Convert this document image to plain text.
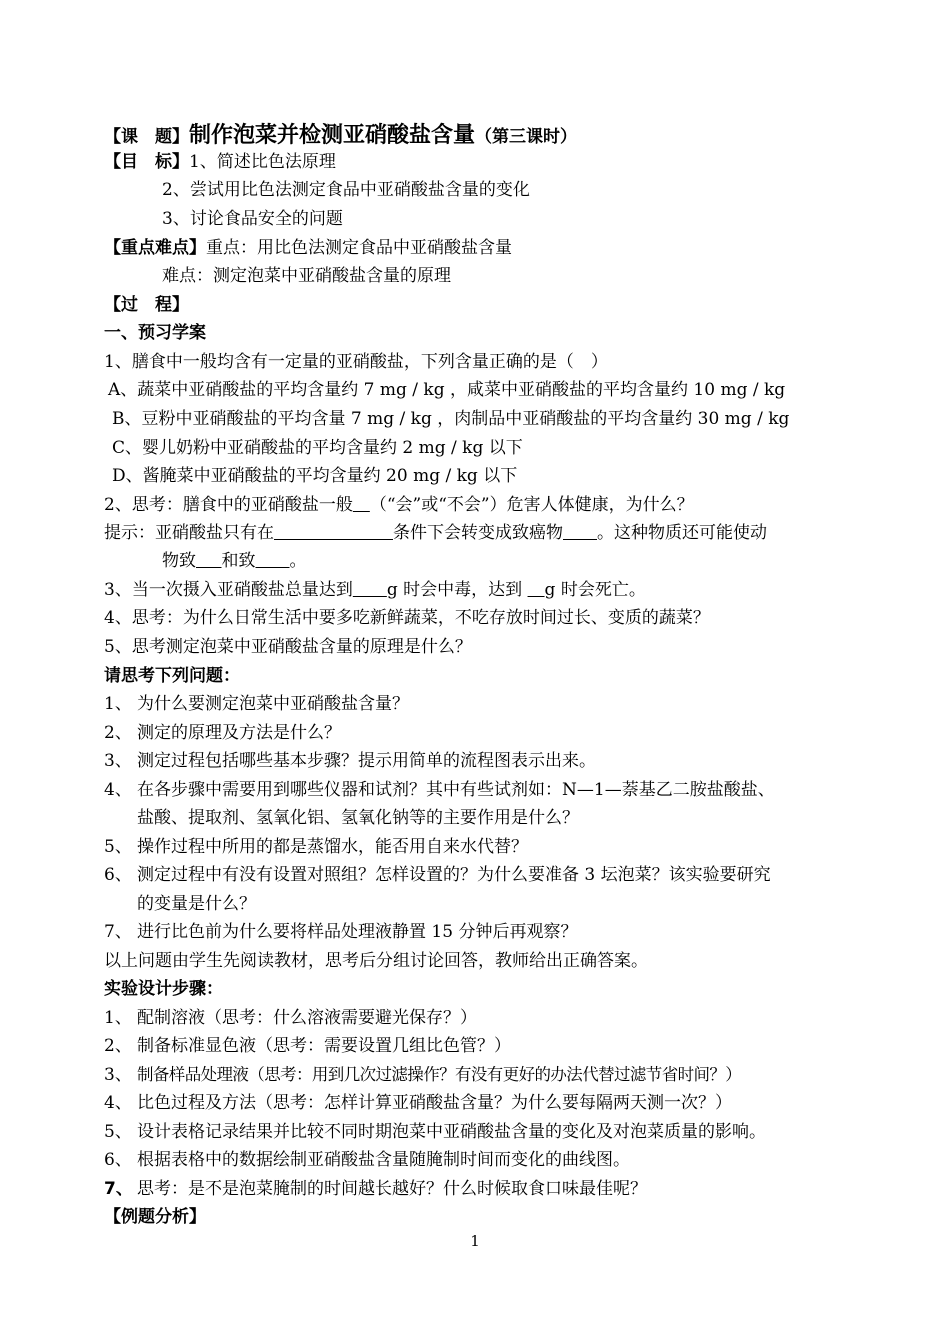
【课　题】制作泡菜并检测亚硝酸盐含量（第三课时）
【目　标】1、简述比色法原理
2、尝试用比色法测定食品中亚硝酸盐含量的变化
3、讨论食品安全的问题
【重点难点】重点：用比色法测定食品中亚硝酸盐含量
难点：测定泡菜中亚硝酸盐含量的原理
【过　程】
一、预习学案
1、膳食中一般均含有一定量的亚硝酸盐，下列含量正确的是（　）
A、蔬菜中亚硝酸盐的平均含量约 7 mg / kg ，咸菜中亚硝酸盐的平均含量约 10 mg / kg
B、豆粉中亚硝酸盐的平均含量 7 mg / kg ，肉制品中亚硝酸盐的平均含量约 30 mg / kg
C、婴儿奶粉中亚硝酸盐的平均含量约 2 mg / kg 以下
D、酱腌菜中亚硝酸盐的平均含量约 20 mg / kg 以下
2、思考：膳食中的亚硝酸盐一般   （“会”或“不会”）危害人体健康，为什么？
提示：亚硝酸盐只有在       	条件下会转变成致癌物   。这种物质还可能使动
物致    和致   。
3、当一次摄入亚硝酸盐总量达到   g 时会中毒，达到    g 时会死亡。
4、思考：为什么日常生活中要多吃新鲜蔬菜，不吃存放时间过长、变质的蔬菜？
5、思考测定泡菜中亚硝酸盐含量的原理是什么？
请思考下列问题：
1、 为什么要测定泡菜中亚硝酸盐含量？
2、 测定的原理及方法是什么？
3、 测定过程包括哪些基本步骤？提示用简单的流程图表示出来。
4、 在各步骤中需要用到哪些仪器和试剂？其中有些试剂如：N—1—萘基乙二胺盐酸盐、
盐酸、提取剂、氢氧化铝、氢氧化钠等的主要作用是什么？
5、 操作过程中所用的都是蒸馏水，能否用自来水代替？
6、 测定过程中有没有设置对照组？怎样设置的？为什么要准备 3 坛泡菜？该实验要研究
的变量是什么？
7、 进行比色前为什么要将样品处理液静置 15 分钟后再观察？
以上问题由学生先阅读教材，思考后分组讨论回答，教师给出正确答案。
实验设计步骤：
1、 配制溶液（思考：什么溶液需要避光保存？）
2、 制备标准显色液（思考：需要设置几组比色管？）
3、 制备样品处理液（思考：用到几次过滤操作？有没有更好的办法代替过滤节省时间？）
4、 比色过程及方法（思考：怎样计算亚硝酸盐含量？为什么要每隔两天测一次？）
5、 设计表格记录结果并比较不同时期泡菜中亚硝酸盐含量的变化及对泡菜质量的影响。
6、 根据表格中的数据绘制亚硝酸盐含量随腌制时间而变化的曲线图。
7、 思考：是不是泡菜腌制的时间越长越好？什么时候取食口味最佳呢？
【例题分析】
1
